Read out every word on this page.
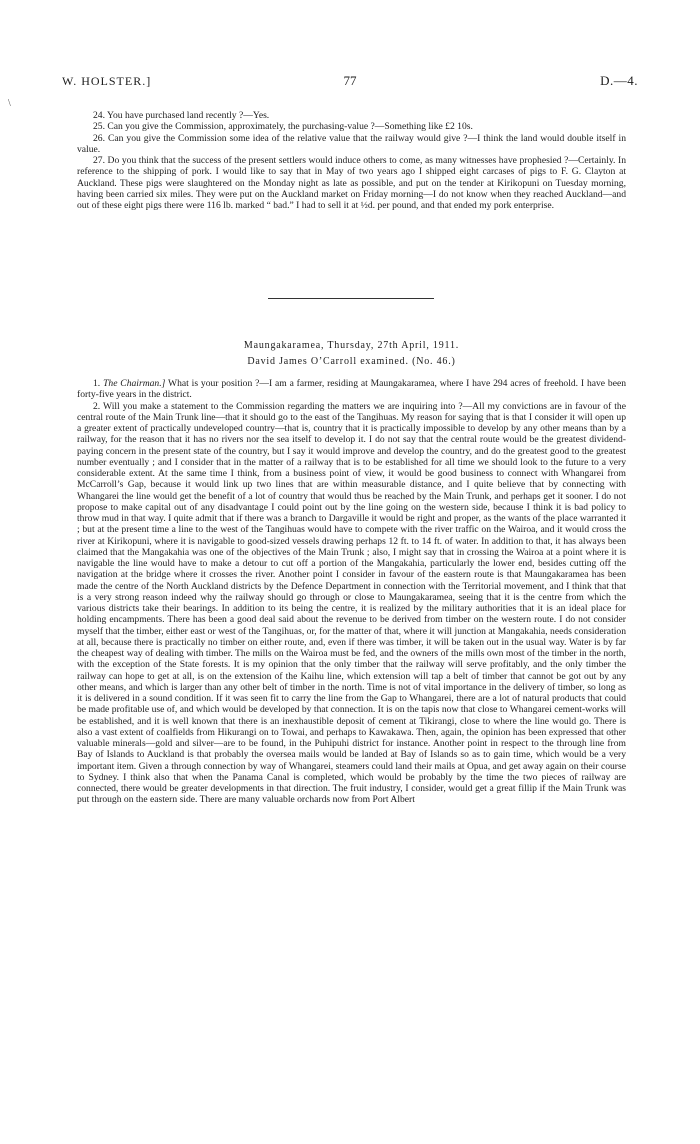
\
W. HOLSTER.]	77	D.—4.

24. You have purchased land recently ?—Yes.

25. Can you give the Commission, approximately, the purchasing-value ?—Something like £2 10s.

26. Can you give the Commission some idea of the relative value that the railway would give ?—I think the land would double itself in value.

27. Do you think that the success of the present settlers would induce others to come, as many witnesses have prophesied ?—Certainly. In reference to the shipping of pork. I would like to say that in May of two years ago I shipped eight carcases of pigs to F. G. Clayton at Auckland. These pigs were slaughtered on the Monday night as late as possible, and put on the tender at Kirikopuni on Tuesday morning, having been carried six miles. They were put on the Auckland market on Friday morning—I do not know when they reached Auckland—and out of these eight pigs there were 116 lb. marked “ bad.” I had to sell it at ½d. per pound, and that ended my pork enterprise.

Maungakaramea, Thursday, 27th April, 1911.
David James O’Carroll examined. (No. 46.)

1. The Chairman.] What is your position ?—I am a farmer, residing at Maungakaramea, where I have 294 acres of freehold. I have been forty-five years in the district.

2. Will you make a statement to the Commission regarding the matters we are inquiring into ?—All my convictions are in favour of the central route of the Main Trunk line—that it should go to the east of the Tangihuas. My reason for saying that is that I consider it will open up a greater extent of practically undeveloped country—that is, country that it is practically impossible to develop by any other means than by a railway, for the reason that it has no rivers nor the sea itself to develop it. I do not say that the central route would be the greatest dividend-paying concern in the present state of the country, but I say it would improve and develop the country, and do the greatest good to the greatest number eventually ; and I consider that in the matter of a railway that is to be established for all time we should look to the future to a very considerable extent. At the same time I think, from a business point of view, it would be good business to connect with Whangarei from McCarroll’s Gap, because it would link up two lines that are within measurable distance, and I quite believe that by connecting with Whangarei the line would get the benefit of a lot of country that would thus be reached by the Main Trunk, and perhaps get it sooner. I do not propose to make capital out of any disadvantage I could point out by the line going on the western side, because I think it is bad policy to throw mud in that way. I quite admit that if there was a branch to Dargaville it would be right and proper, as the wants of the place warranted it ; but at the present time a line to the west of the Tangihuas would have to compete with the river traffic on the Wairoa, and it would cross the river at Kirikopuni, where it is navigable to good-sized vessels drawing perhaps 12 ft. to 14 ft. of water. In addition to that, it has always been claimed that the Mangakahia was one of the objectives of the Main Trunk ; also, I might say that in crossing the Wairoa at a point where it is navigable the line would have to make a detour to cut off a portion of the Mangakahia, particularly the lower end, besides cutting off the navigation at the bridge where it crosses the river. Another point I consider in favour of the eastern route is that Maungakaramea has been made the centre of the North Auckland districts by the Defence Department in connection with the Territorial movement, and I think that that is a very strong reason indeed why the railway should go through or close to Maungakaramea, seeing that it is the centre from which the various districts take their bearings. In addition to its being the centre, it is realized by the military authorities that it is an ideal place for holding encampments. There has been a good deal said about the revenue to be derived from timber on the western route. I do not consider myself that the timber, either east or west of the Tangihuas, or, for the matter of that, where it will junction at Mangakahia, needs consideration at all, because there is practically no timber on either route, and, even if there was timber, it will be taken out in the usual way. Water is by far the cheapest way of dealing with timber. The mills on the Wairoa must be fed, and the owners of the mills own most of the timber in the north, with the exception of the State forests. It is my opinion that the only timber that the railway will serve profitably, and the only timber the railway can hope to get at all, is on the extension of the Kaihu line, which extension will tap a belt of timber that cannot be got out by any other means, and which is larger than any other belt of timber in the north. Time is not of vital importance in the delivery of timber, so long as it is delivered in a sound condition. If it was seen fit to carry the line from the Gap to Whangarei, there are a lot of natural products that could be made profitable use of, and which would be developed by that connection. It is on the tapis now that close to Whangarei cement-works will be established, and it is well known that there is an inexhaustible deposit of cement at Tikirangi, close to where the line would go. There is also a vast extent of coalfields from Hikurangi on to Towai, and perhaps to Kawakawa. Then, again, the opinion has been expressed that other valuable minerals—gold and silver—are to be found, in the Puhipuhi district for instance. Another point in respect to the through line from Bay of Islands to Auckland is that probably the oversea mails would be landed at Bay of Islands so as to gain time, which would be a very important item. Given a through connection by way of Whangarei, steamers could land their mails at Opua, and get away again on their course to Sydney. I think also that when the Panama Canal is completed, which would be probably by the time the two pieces of railway are connected, there would be greater developments in that direction. The fruit industry, I consider, would get a great fillip if the Main Trunk was put through on the eastern side. There are many valuable orchards now from Port Albert
